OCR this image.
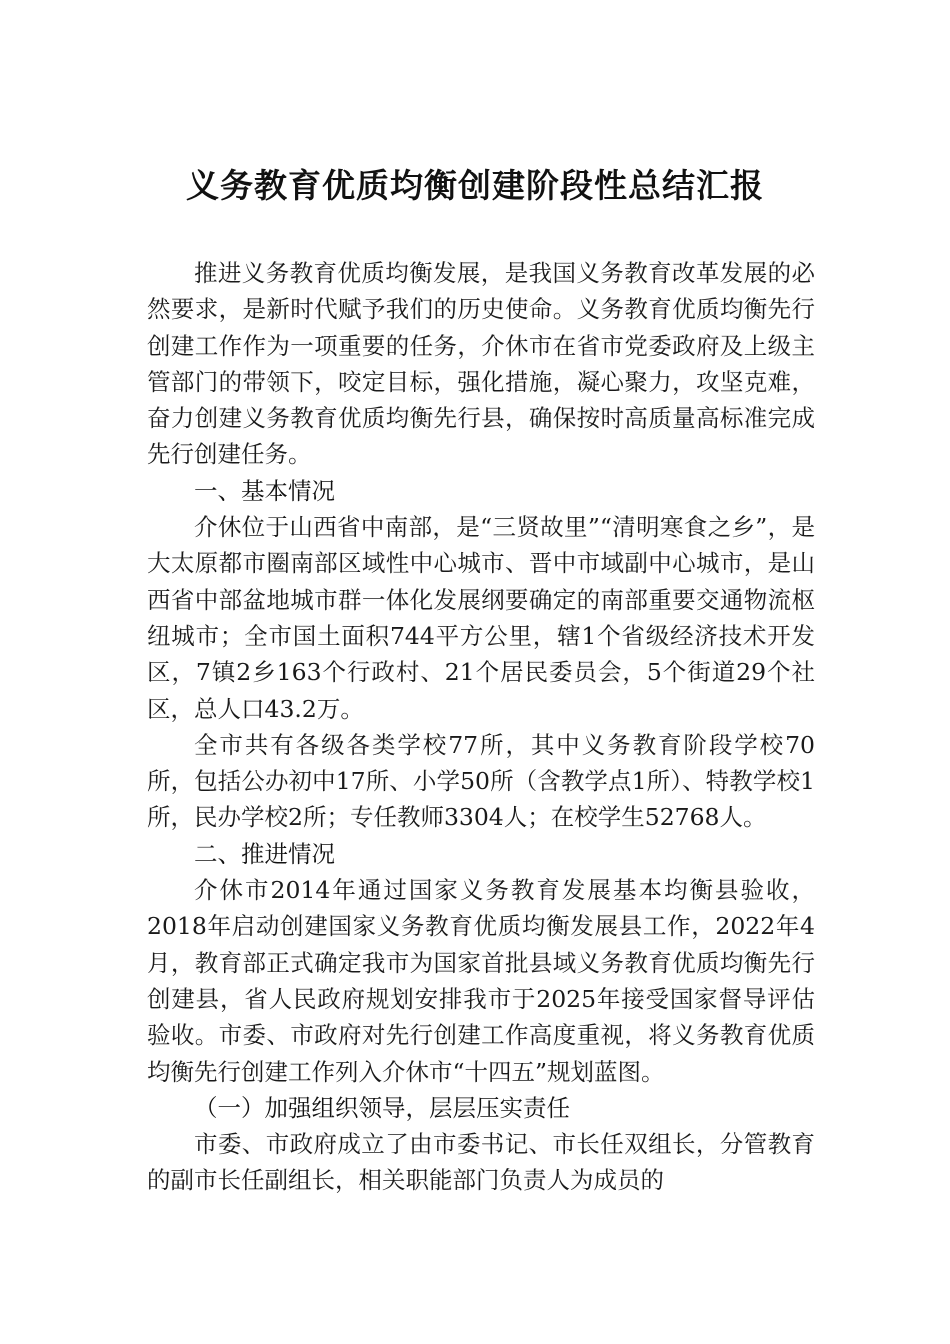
义务教育优质均衡创建阶段性总结汇报

推进义务教育优质均衡发展，是我国义务教育改革发展的必然要求，是新时代赋予我们的历史使命。义务教育优质均衡先行创建工作作为一项重要的任务，介休市在省市党委政府及上级主管部门的带领下，咬定目标，强化措施，凝心聚力，攻坚克难，奋力创建义务教育优质均衡先行县，确保按时高质量高标准完成先行创建任务。

一、基本情况

介休位于山西省中南部，是“三贤故里”“清明寒食之乡”，是大太原都市圈南部区域性中心城市、晋中市域副中心城市，是山西省中部盆地城市群一体化发展纲要确定的南部重要交通物流枢纽城市；全市国土面积744平方公里，辖1个省级经济技术开发区，7镇2乡163个行政村、21个居民委员会，5个街道29个社区，总人口43.2万。

全市共有各级各类学校77所，其中义务教育阶段学校70所，包括公办初中17所、小学50所（含教学点1所）、特教学校1所，民办学校2所；专任教师3304人；在校学生52768人。

二、推进情况

介休市2014年通过国家义务教育发展基本均衡县验收，2018年启动创建国家义务教育优质均衡发展县工作，2022年4月，教育部正式确定我市为国家首批县域义务教育优质均衡先行创建县，省人民政府规划安排我市于2025年接受国家督导评估验收。市委、市政府对先行创建工作高度重视，将义务教育优质均衡先行创建工作列入介休市“十四五”规划蓝图。

（一）加强组织领导，层层压实责任

市委、市政府成立了由市委书记、市长任双组长，分管教育的副市长任副组长，相关职能部门负责人为成员的
